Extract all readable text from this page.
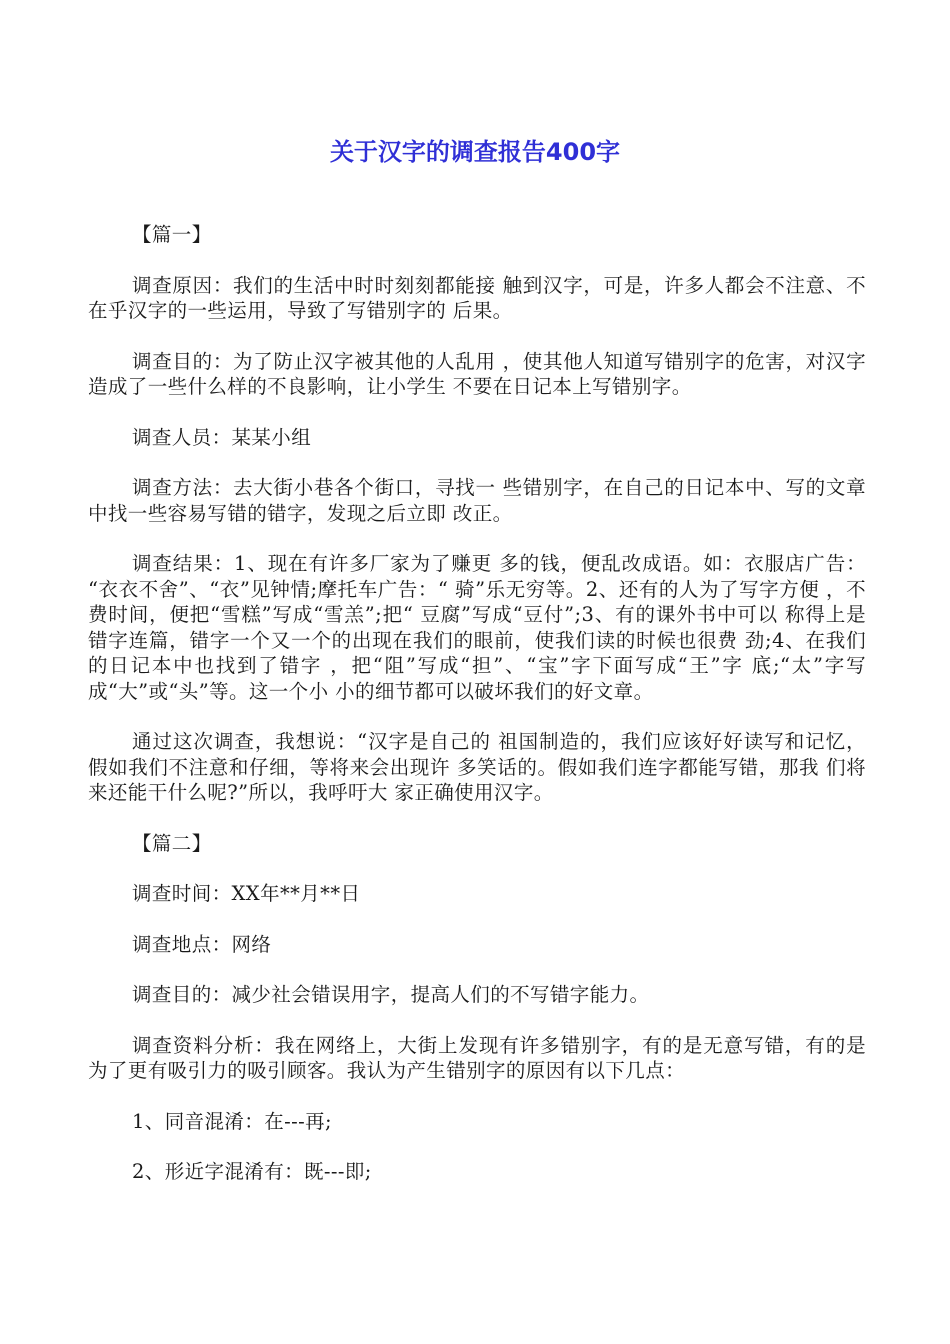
关于汉字的调查报告400字

【篇一】

调查原因：我们的生活中时时刻刻都能接 触到汉字，可是，许多人都会不注意、不 在乎汉字的一些运用，导致了写错别字的 后果。

调查目的：为了防止汉字被其他的人乱用 ，使其他人知道写错别字的危害，对汉字 造成了一些什么样的不良影响，让小学生 不要在日记本上写错别字。

调查人员：某某小组

调查方法：去大街小巷各个街口，寻找一 些错别字，在自己的日记本中、写的文章 中找一些容易写错的错字，发现之后立即 改正。

调查结果：1、现在有许多厂家为了赚更 多的钱，便乱改成语。如：衣服店广告： “衣衣不舍”、“衣”见钟情;摩托车广告：“ 骑”乐无穷等。2、还有的人为了写字方便 ，不费时间，便把“雪糕”写成“雪羔”;把“ 豆腐”写成“豆付”;3、有的课外书中可以 称得上是错字连篇，错字一个又一个的出现在我们的眼前，使我们读的时候也很费 劲;4、在我们的日记本中也找到了错字 ，把“阻”写成“担”、“宝”字下面写成“王”字 底;“太”字写成“大”或“头”等。这一个小 小的细节都可以破坏我们的好文章。

通过这次调查，我想说：“汉字是自己的 祖国制造的，我们应该好好读写和记忆， 假如我们不注意和仔细，等将来会出现许 多笑话的。假如我们连字都能写错，那我 们将来还能干什么呢?”所以，我呼吁大 家正确使用汉字。

【篇二】

调查时间：XX年**月**日

调查地点：网络

调查目的：减少社会错误用字，提高人们的不写错字能力。

调查资料分析：我在网络上，大街上发现有许多错别字，有的是无意写错，有的是为了更有吸引力的吸引顾客。我认为产生错别字的原因有以下几点：

1、同音混淆：在---再;

2、形近字混淆有：既---即;
